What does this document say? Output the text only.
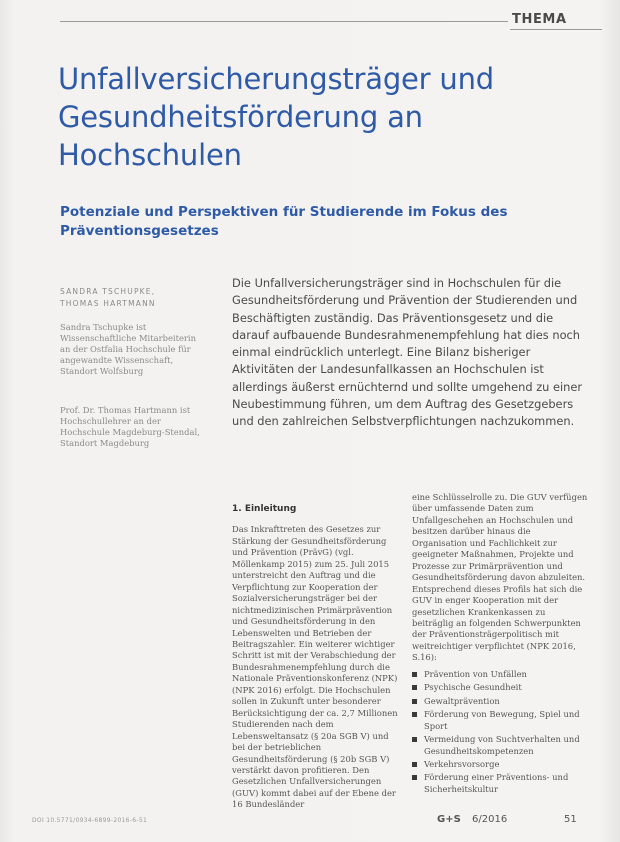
THEMA
Unfallversicherungsträger und Gesundheitsförderung an Hochschulen
Potenziale und Perspektiven für Studierende im Fokus des Präventionsgesetzes
SANDRA TSCHUPKE,
THOMAS HARTMANN

Sandra Tschupke ist Wissenschaftliche Mitarbeiterin an der Ostfalia Hochschule für angewandte Wissenschaft, Standort Wolfsburg

Prof. Dr. Thomas Hartmann ist Hochschullehrer an der Hochschule Magdeburg-Stendal, Standort Magdeburg

Die Unfallversicherungsträger sind in Hochschulen für die Gesundheitsförderung und Prävention der Studierenden und Beschäftigten zuständig. Das Präventionsgesetz und die darauf aufbauende Bundesrahmenempfehlung hat dies noch einmal eindrücklich unterlegt. Eine Bilanz bisheriger Aktivitäten der Landesunfallkassen an Hochschulen ist allerdings äußerst ernüchternd und sollte umgehend zu einer Neubestimmung führen, um dem Auftrag des Gesetzgebers und den zahlreichen Selbstverpflichtungen nachzukommen.

1. Einleitung

Das Inkrafttreten des Gesetzes zur Stärkung der Gesundheitsförderung und Prävention (PrävG) (vgl. Möllenkamp 2015) zum 25. Juli 2015 unterstreicht den Auftrag und die Verpflichtung zur Kooperation der Sozialversicherungsträger bei der nichtmedizinischen Primärprävention und Gesundheitsförderung in den Lebenswelten und Betrieben der Beitragszahler. Ein weiterer wichtiger Schritt ist mit der Verabschiedung der Bundesrahmenempfehlung durch die Nationale Präventionskonferenz (NPK) (NPK 2016) erfolgt. Die Hochschulen sollen in Zukunft unter besonderer Berücksichtigung der ca. 2,7 Millionen Studierenden nach dem Lebensweltansatz (§ 20a SGB V) und bei der betrieblichen Gesundheitsförderung (§ 20b SGB V) verstärkt davon profitieren. Den Gesetzlichen Unfallversicherungen (GUV) kommt dabei auf der Ebene der 16 Bundesländer

eine Schlüsselrolle zu. Die GUV verfügen über umfassende Daten zum Unfallgeschehen an Hochschulen und besitzen darüber hinaus die Organisation und Fachlichkeit zur geeigneter Maßnahmen, Projekte und Prozesse zur Primärprävention und Gesundheitsförderung davon abzuleiten. Entsprechend dieses Profils hat sich die GUV in enger Kooperation mit der gesetzlichen Krankenkassen zu beiträglig an folgenden Schwerpunkten der Präventionsträgerpolitisch mit weitreichtiger verpflichtet (NPK 2016, S.16):

Prävention von Unfällen
Psychische Gesundheit
Gewaltprävention
Förderung von Bewegung, Spiel und Sport
Vermeidung von Suchtverhalten und Gesundheitskompetenzen
Verkehrsvorsorge
Förderung einer Präventions- und Sicherheitskultur
DOI 10.5771/0934-6899-2016-6-51	G+S 6/2016	51
